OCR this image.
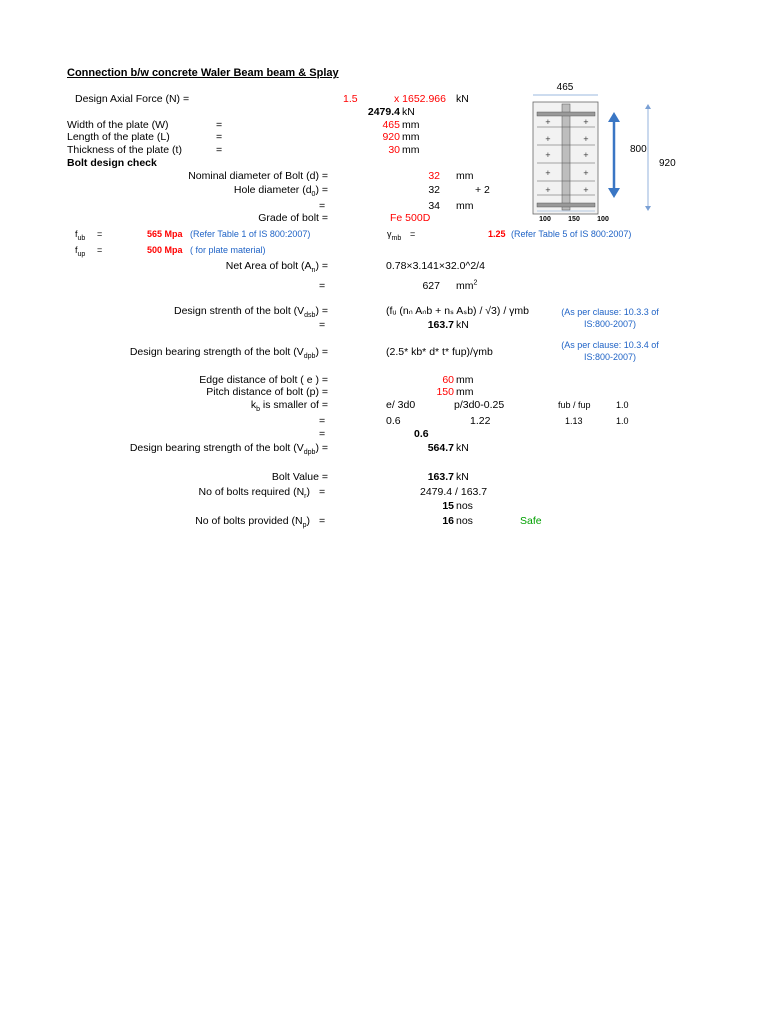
Connection b/w concrete Waler Beam beam & Splay
Design Axial Force (N) =	1.5	x 1652.966 kN
2479.4 kN
Width of the plate (W)	=	465 mm
Length of the plate (L)	=	920 mm
Thickness of the plate (t)	=	30 mm
Bolt design check
Nominal diameter of Bolt (d) =	32 mm
Hole diameter $(d_0)$ =	32	+ 2
=	34 mm
Grade of bolt =	Fe 500D
$f_{ub}$ =	565 Mpa (Refer Table 1 of IS 800:2007)	$\gamma_{mb}$ =	1.25 (Refer Table 5 of IS 800:2007)
$f_{up}$ =	500 Mpa ( for plate material)
Net Area of bolt $(A_n)$ =	0.78×3.141×32.0^2/4
=	627 $mm^2$
Design strenth of the bolt $(V_{dsb})$ =	(fᵤ (nₙ Aₙb + nₛ Aₛb) / √3) / γmb	(As per clause: 10.3.3 of
IS:800-2007)
=	163.7 kN
(As per clause: 10.3.4 of
Design bearing strength of the bolt $(V_{dpb})$ =	(2.5* kb* d* t* fup)/γmb	IS:800-2007)
Edge distance of bolt ( e ) =	60 mm
Pitch distance of bolt (p) =	150 mm
$k_b$ is smaller of =	e/ 3d0	p/3d0-0.25	fub / fup	1.0
=	0.6	1.22	1.13	1.0
=	0.6
Design bearing strength of the bolt $(V_{dpb})$ =	564.7 kN
Bolt Value =	163.7 kN
No of bolts required $(N_r)$ =	2479.4 / 163.7
15 nos
No of bolts provided $(N_p)$ =	16 nos	Safe
465
+	+
+	+
+	+
+	+
+	+
800
920
100 150 100
